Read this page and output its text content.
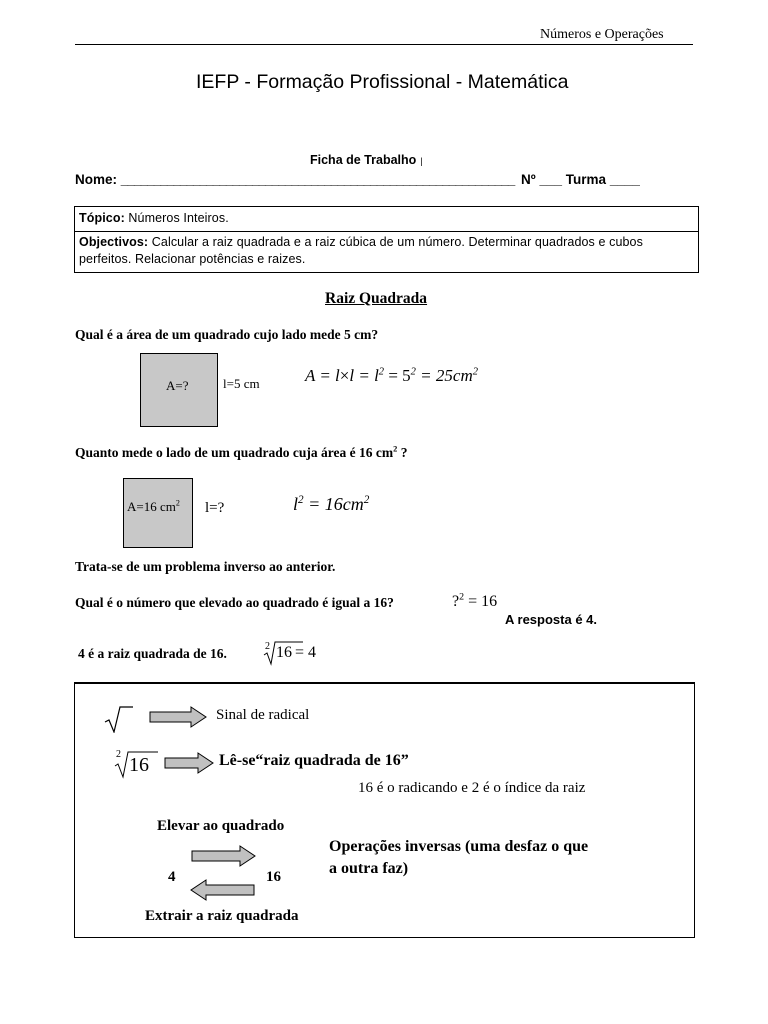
Números e Operações
IEFP - Formação Profissional - Matemática
Ficha de Trabalho |
Nome: ____________________________________________________________ Nº ___ Turma ____
Tópico: Números Inteiros.
Objectivos: Calcular a raiz quadrada e a raiz cúbica de um número. Determinar quadrados e cubos perfeitos. Relacionar potências e raizes.
Raiz Quadrada
Qual é a área de um quadrado cujo lado mede 5 cm?
A=?	l=5 cm	$A = l\times l = l^2 = 5^2 = 25cm^2$
Quanto mede o lado de um quadrado cuja área é 16 $cm^2$ ?
A=16 $cm^2$ l=?	$l^2 = 16cm^2$
Trata-se de um problema inverso ao anterior.
Qual é o número que elevado ao quadrado é igual a 16?	?$^2$ = 16
A resposta é 4.
4 é a raiz quadrada de 16.	2 16 = 4
Sinal de radical
2 16	Lê-se“raiz quadrada de 16”
16 é o radicando e 2 é o índice da raiz
Elevar ao quadrado
4	16
Operações inversas (uma desfaz o que
a outra faz)
Extrair a raiz quadrada
